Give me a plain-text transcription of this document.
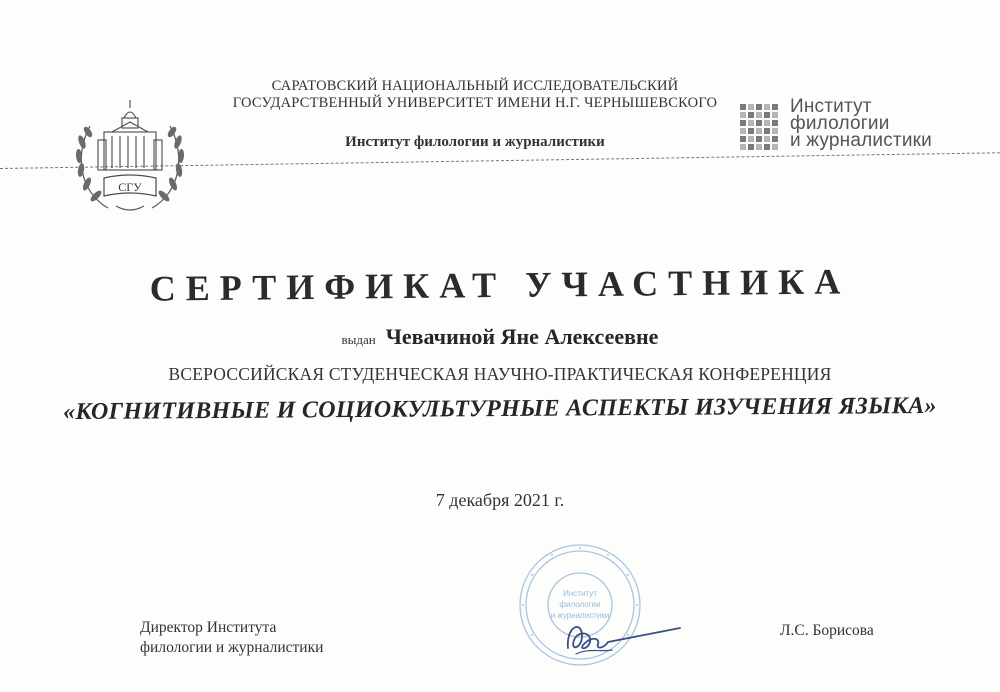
СГУ
САРАТОВСКИЙ НАЦИОНАЛЬНЫЙ ИССЛЕДОВАТЕЛЬСКИЙ
ГОСУДАРСТВЕННЫЙ УНИВЕРСИТЕТ ИМЕНИ Н.Г. ЧЕРНЫШЕВСКОГО
Институт филологии и журналистики
Институт
филологии
и журналистики
СЕРТИФИКАТ УЧАСТНИКА
выдан Чевачиной Яне Алексеевне
ВСЕРОССИЙСКАЯ СТУДЕНЧЕСКАЯ НАУЧНО-ПРАКТИЧЕСКАЯ КОНФЕРЕНЦИЯ
«КОГНИТИВНЫЕ И СОЦИОКУЛЬТУРНЫЕ АСПЕКТЫ ИЗУЧЕНИЯ ЯЗЫКА»
7 декабря 2021 г.
Институт
филологии
и журналистики
Директор Института
филологии и журналистики
Л.С. Борисова
